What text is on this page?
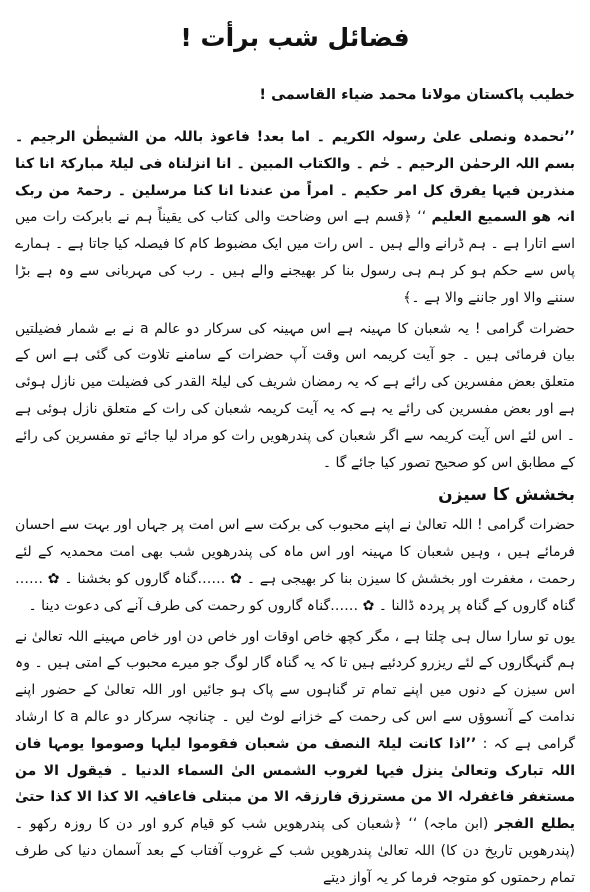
فضائل شب برأت !
خطیب پاکستان مولانا محمد ضیاء القاسمی !

’’نحمدہ ونصلی علیٰ رسولہ الکریم ۔ اما بعد! فاعوذ باللہ من الشیطٰن الرجیم ۔ بسم اللہ الرحمٰن الرحیم ۔ حٰم ۔ والکتاب المبین ۔ انا انزلناہ فی لیلۃ مبارکۃ انا کنا منذرین فیہا یفرق کل امر حکیم ۔ امراً من عندنا انا کنا مرسلین ۔ رحمۃ من ربک انہ ھو السمیع العلیم ‘‘ ﴿قسم ہے اس وضاحت والی کتاب کی یقیناً ہم نے بابرکت رات میں اسے اتارا ہے ۔ ہم ڈرانے والے ہیں ۔ اس رات میں ایک مضبوط کام کا فیصلہ کیا جاتا ہے ۔ ہمارے پاس سے حکم ہو کر ہم ہی رسول بنا کر بھیجنے والے ہیں ۔ رب کی مہربانی سے وہ ہے بڑا سننے والا اور جاننے والا ہے ۔﴾

حضرات گرامی ! یہ شعبان کا مہینہ ہے اس مہینہ کی سرکار دو عالم a نے بے شمار فضیلتیں بیان فرمائی ہیں ۔ جو آیت کریمہ اس وقت آپ حضرات کے سامنے تلاوت کی گئی ہے اس کے متعلق بعض مفسرین کی رائے ہے کہ یہ رمضان شریف کی لیلۃ القدر کی فضیلت میں نازل ہوئی ہے اور بعض مفسرین کی رائے یہ ہے کہ یہ آیت کریمہ شعبان کی رات کے متعلق نازل ہوئی ہے ۔ اس لئے اس آیت کریمہ سے اگر شعبان کی پندرھویں رات کو مراد لیا جائے تو مفسرین کی رائے کے مطابق اس کو صحیح تصور کیا جائے گا ۔

بخشش کا سیزن

حضرات گرامی ! اللہ تعالیٰ نے اپنے محبوب کی برکت سے اس امت پر جہاں اور بہت سے احسان فرمائے ہیں ، وہیں شعبان کا مہینہ اور اس ماہ کی پندرھویں شب بھی امت محمدیہ کے لئے رحمت ، مغفرت اور بخشش کا سیزن بنا کر بھیجی ہے ۔ ✿ ……گناہ گاروں کو بخشنا ۔ ✿ ……گناہ گاروں کے گناہ پر پردہ ڈالنا ۔ ✿ ……گناہ گاروں کو رحمت کی طرف آنے کی دعوت دینا ۔

یوں تو سارا سال ہی چلتا ہے ، مگر کچھ خاص اوقات اور خاص دن اور خاص مہینے اللہ تعالیٰ نے ہم گنہگاروں کے لئے ریزرو کردئیے ہیں تا کہ یہ گناہ گار لوگ جو میرے محبوب کے امتی ہیں ۔ وہ اس سیزن کے دنوں میں اپنے تمام تر گناہوں سے پاک ہو جائیں اور اللہ تعالیٰ کے حضور اپنے ندامت کے آنسوؤں سے اس کی رحمت کے خزانے لوٹ لیں ۔ چنانچہ سرکار دو عالم a کا ارشاد گرامی ہے کہ : ’’اذا کانت لیلۃ النصف من شعبان فقوموا لیلہا وصوموا یومہا فان اللہ تبارک وتعالیٰ ینزل فیہا لغروب الشمس الیٰ السماء الدنیا ۔ فیقول الا من مستغفر فاغفرلہ الا من مسترزق فارزقہ الا من مبتلی فاعافیہ الا کذا الا کذا حتیٰ یطلع الفجر (ابن ماجہ) ‘‘ ﴿شعبان کی پندرھویں شب کو قیام کرو اور دن کا روزہ رکھو ۔ (پندرھویں تاریخ دن کا) اللہ تعالیٰ پندرھویں شب کے غروب آفتاب کے بعد آسمان دنیا کی طرف تمام رحمتوں کو متوجہ فرما کر یہ آواز دیتے
